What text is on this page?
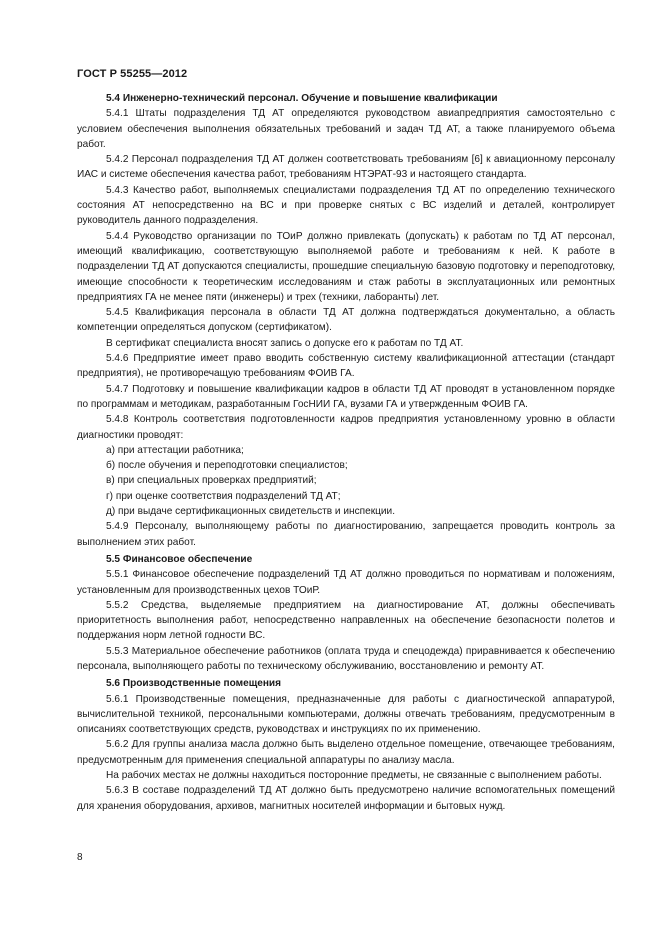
ГОСТ Р 55255—2012
5.4 Инженерно-технический персонал. Обучение и повышение квалификации

5.4.1 Штаты подразделения ТД АТ определяются руководством авиапредприятия самостоятельно с условием обеспечения выполнения обязательных требований и задач ТД АТ, а также планируемого объема работ.

5.4.2 Персонал подразделения ТД АТ должен соответствовать требованиям [6] к авиационному персоналу ИАС и системе обеспечения качества работ, требованиям НТЭРАТ-93 и настоящего стандарта.

5.4.3 Качество работ, выполняемых специалистами подразделения ТД АТ по определению технического состояния АТ непосредственно на ВС и при проверке снятых с ВС изделий и деталей, контролирует руководитель данного подразделения.

5.4.4 Руководство организации по ТОиР должно привлекать (допускать) к работам по ТД АТ персонал, имеющий квалификацию, соответствующую выполняемой работе и требованиям к ней. К работе в подразделении ТД АТ допускаются специалисты, прошедшие специальную базовую подготовку и переподготовку, имеющие способности к теоретическим исследованиям и стаж работы в эксплуатационных или ремонтных предприятиях ГА не менее пяти (инженеры) и трех (техники, лаборанты) лет.

5.4.5 Квалификация персонала в области ТД АТ должна подтверждаться документально, а область компетенции определяться допуском (сертификатом).

В сертификат специалиста вносят запись о допуске его к работам по ТД АТ.

5.4.6 Предприятие имеет право вводить собственную систему квалификационной аттестации (стандарт предприятия), не противоречащую требованиям ФОИВ ГА.

5.4.7 Подготовку и повышение квалификации кадров в области ТД АТ проводят в установленном порядке по программам и методикам, разработанным ГосНИИ ГА, вузами ГА и утвержденным ФОИВ ГА.

5.4.8 Контроль соответствия подготовленности кадров предприятия установленному уровню в области диагностики проводят:

а) при аттестации работника;

б) после обучения и переподготовки специалистов;

в) при специальных проверках предприятий;

г) при оценке соответствия подразделений ТД АТ;

д) при выдаче сертификационных свидетельств и инспекции.

5.4.9 Персоналу, выполняющему работы по диагностированию, запрещается проводить контроль за выполнением этих работ.

5.5 Финансовое обеспечение

5.5.1 Финансовое обеспечение подразделений ТД АТ должно проводиться по нормативам и положениям, установленным для производственных цехов ТОиР.

5.5.2 Средства, выделяемые предприятием на диагностирование АТ, должны обеспечивать приоритетность выполнения работ, непосредственно направленных на обеспечение безопасности полетов и поддержания норм летной годности ВС.

5.5.3 Материальное обеспечение работников (оплата труда и спецодежда) приравнивается к обеспечению персонала, выполняющего работы по техническому обслуживанию, восстановлению и ремонту АТ.

5.6 Производственные помещения

5.6.1 Производственные помещения, предназначенные для работы с диагностической аппаратурой, вычислительной техникой, персональными компьютерами, должны отвечать требованиям, предусмотренным в описаниях соответствующих средств, руководствах и инструкциях по их применению.

5.6.2 Для группы анализа масла должно быть выделено отдельное помещение, отвечающее требованиям, предусмотренным для применения специальной аппаратуры по анализу масла.

На рабочих местах не должны находиться посторонние предметы, не связанные с выполнением работы.

5.6.3 В составе подразделений ТД АТ должно быть предусмотрено наличие вспомогательных помещений для хранения оборудования, архивов, магнитных носителей информации и бытовых нужд.

8
